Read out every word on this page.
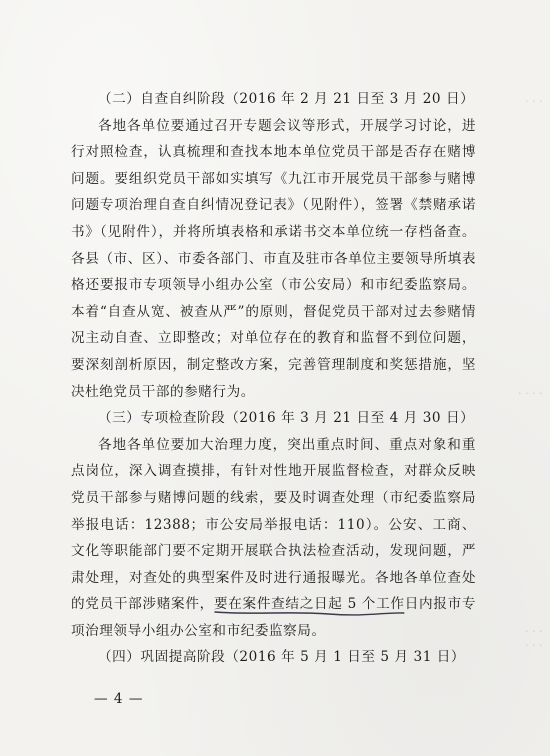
· · ·
· · · ·
· · ·
· · ·

（二）自查自纠阶段（2016 年 2 月 21 日至 3 月 20 日）

各地各单位要通过召开专题会议等形式，开展学习讨论，进行对照检查，认真梳理和查找本地本单位党员干部是否存在赌博问题。要组织党员干部如实填写《九江市开展党员干部参与赌博问题专项治理自查自纠情况登记表》（见附件），签署《禁赌承诺书》（见附件），并将所填表格和承诺书交本单位统一存档备查。各县（市、区）、市委各部门、市直及驻市各单位主要领导所填表格还要报市专项领导小组办公室（市公安局）和市纪委监察局。本着“自查从宽、被查从严”的原则，督促党员干部对过去参赌情况主动自查、立即整改；对单位存在的教育和监督不到位问题，要深刻剖析原因，制定整改方案，完善管理制度和奖惩措施，坚决杜绝党员干部的参赌行为。

（三）专项检查阶段（2016 年 3 月 21 日至 4 月 30 日）

各地各单位要加大治理力度，突出重点时间、重点对象和重点岗位，深入调查摸排，有针对性地开展监督检查，对群众反映党员干部参与赌博问题的线索，要及时调查处理（市纪委监察局举报电话：12388；市公安局举报电话：110）。公安、工商、文化等职能部门要不定期开展联合执法检查活动，发现问题，严肃处理，对查处的典型案件及时进行通报曝光。各地各单位查处的党员干部涉赌案件，要在案件查结之日起 5 个工作
日内报市专项治理领导小组办公室和市纪委监察局。

（四）巩固提高阶段（2016 年 5 月 1 日至 5 月 31 日）

— 4 —
